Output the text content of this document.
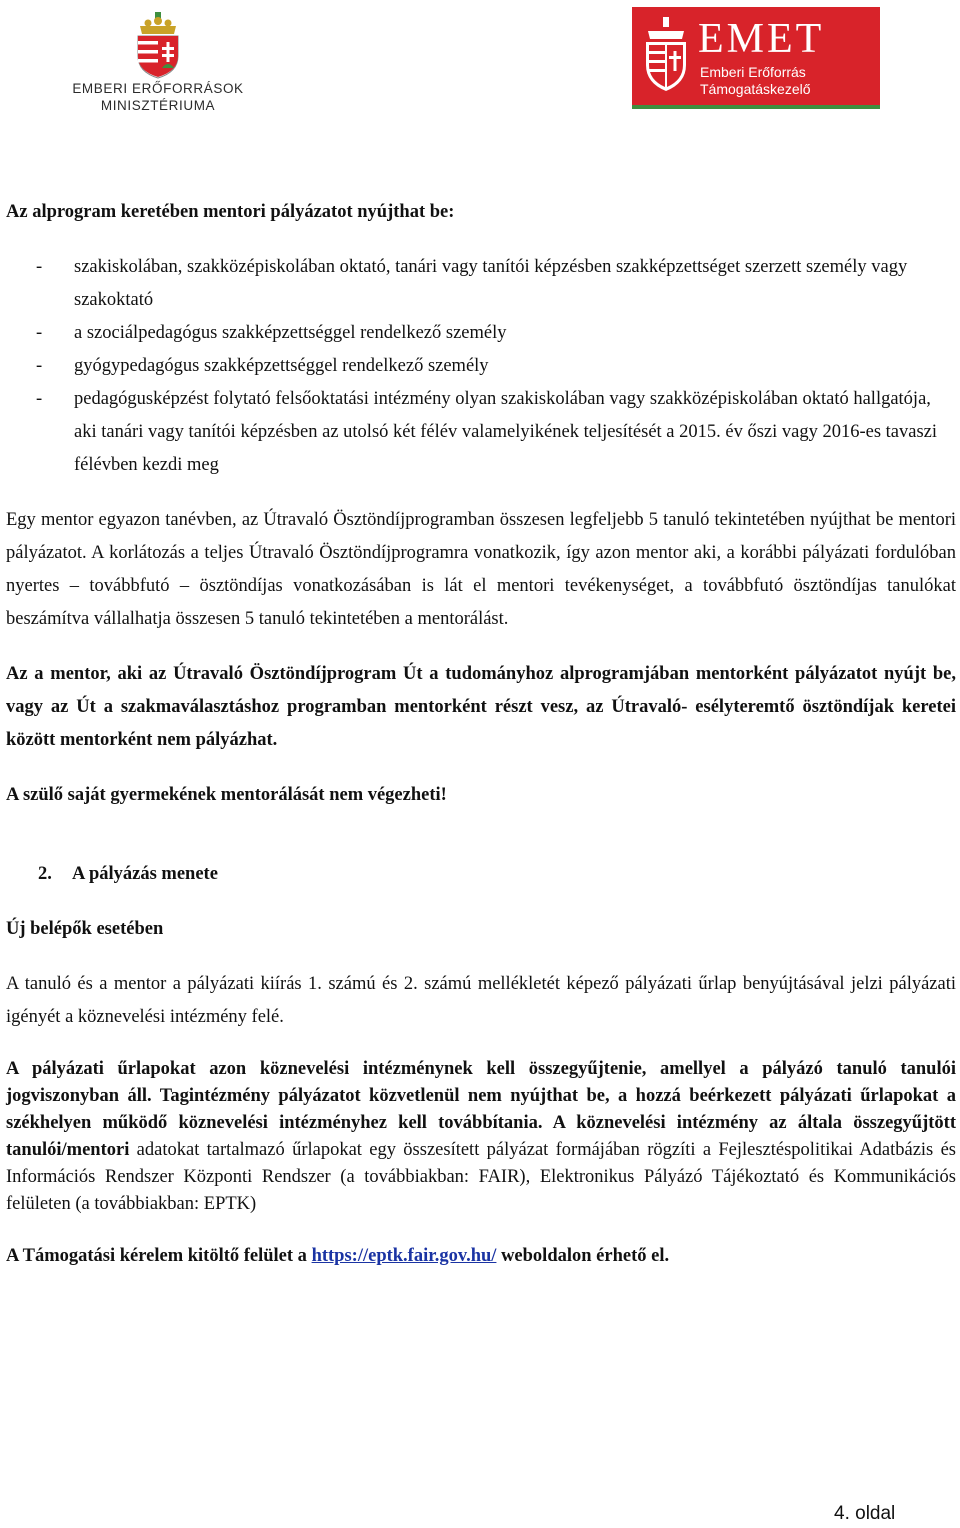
EMBERI ERŐFORRÁSOK
MINISZTÉRIUMA
EMET
Emberi Erőforrás
Támogatáskezelő

Az alprogram keretében mentori pályázatot nyújthat be:

- szakiskolában, szakközépiskolában oktató, tanári vagy tanítói képzésben szakképzettséget szerzett személy vagy szakoktató
- a szociálpedagógus szakképzettséggel rendelkező személy
- gyógypedagógus szakképzettséggel rendelkező személy
- pedagógusképzést folytató felsőoktatási intézmény olyan szakiskolában vagy szakközépiskolában oktató hallgatója, aki tanári vagy tanítói képzésben az utolsó két félév valamelyikének teljesítését a 2015. év őszi vagy 2016-es tavaszi félévben kezdi meg

Egy mentor egyazon tanévben, az Útravaló Ösztöndíjprogramban összesen legfeljebb 5 tanuló tekintetében nyújthat be mentori pályázatot. A korlátozás a teljes Útravaló Ösztöndíjprogramra vonatkozik, így azon mentor aki, a korábbi pályázati fordulóban nyertes – továbbfutó – ösztöndíjas vonatkozásában is lát el mentori tevékenységet, a továbbfutó ösztöndíjas tanulókat beszámítva vállalhatja összesen 5 tanuló tekintetében a mentorálást.

Az a mentor, aki az Útravaló Ösztöndíjprogram Út a tudományhoz alprogramjában mentorként pályázatot nyújt be, vagy az Út a szakmaválasztáshoz programban mentorként részt vesz, az Útravaló- esélyteremtő ösztöndíjak keretei között mentorként nem pályázhat.

A szülő saját gyermekének mentorálását nem végezheti!

2. A pályázás menete

Új belépők esetében

A tanuló és a mentor a pályázati kiírás 1. számú és 2. számú mellékletét képező pályázati űrlap benyújtásával jelzi pályázati igényét a köznevelési intézmény felé.

A pályázati űrlapokat azon köznevelési intézménynek kell összegyűjtenie, amellyel a pályázó tanuló tanulói jogviszonyban áll. Tagintézmény pályázatot közvetlenül nem nyújthat be, a hozzá beérkezett pályázati űrlapokat a székhelyen működő köznevelési intézményhez kell továbbítania. A köznevelési intézmény az általa összegyűjtött tanulói/mentori adatokat tartalmazó űrlapokat egy összesített pályázat formájában rögzíti a Fejlesztéspolitikai Adatbázis és Információs Rendszer Központi Rendszer (a továbbiakban: FAIR), Elektronikus Pályázó Tájékoztató és Kommunikációs felületen (a továbbiakban: EPTK)

A Támogatási kérelem kitöltő felület a https://eptk.fair.gov.hu/ weboldalon érhető el.

4. oldal
